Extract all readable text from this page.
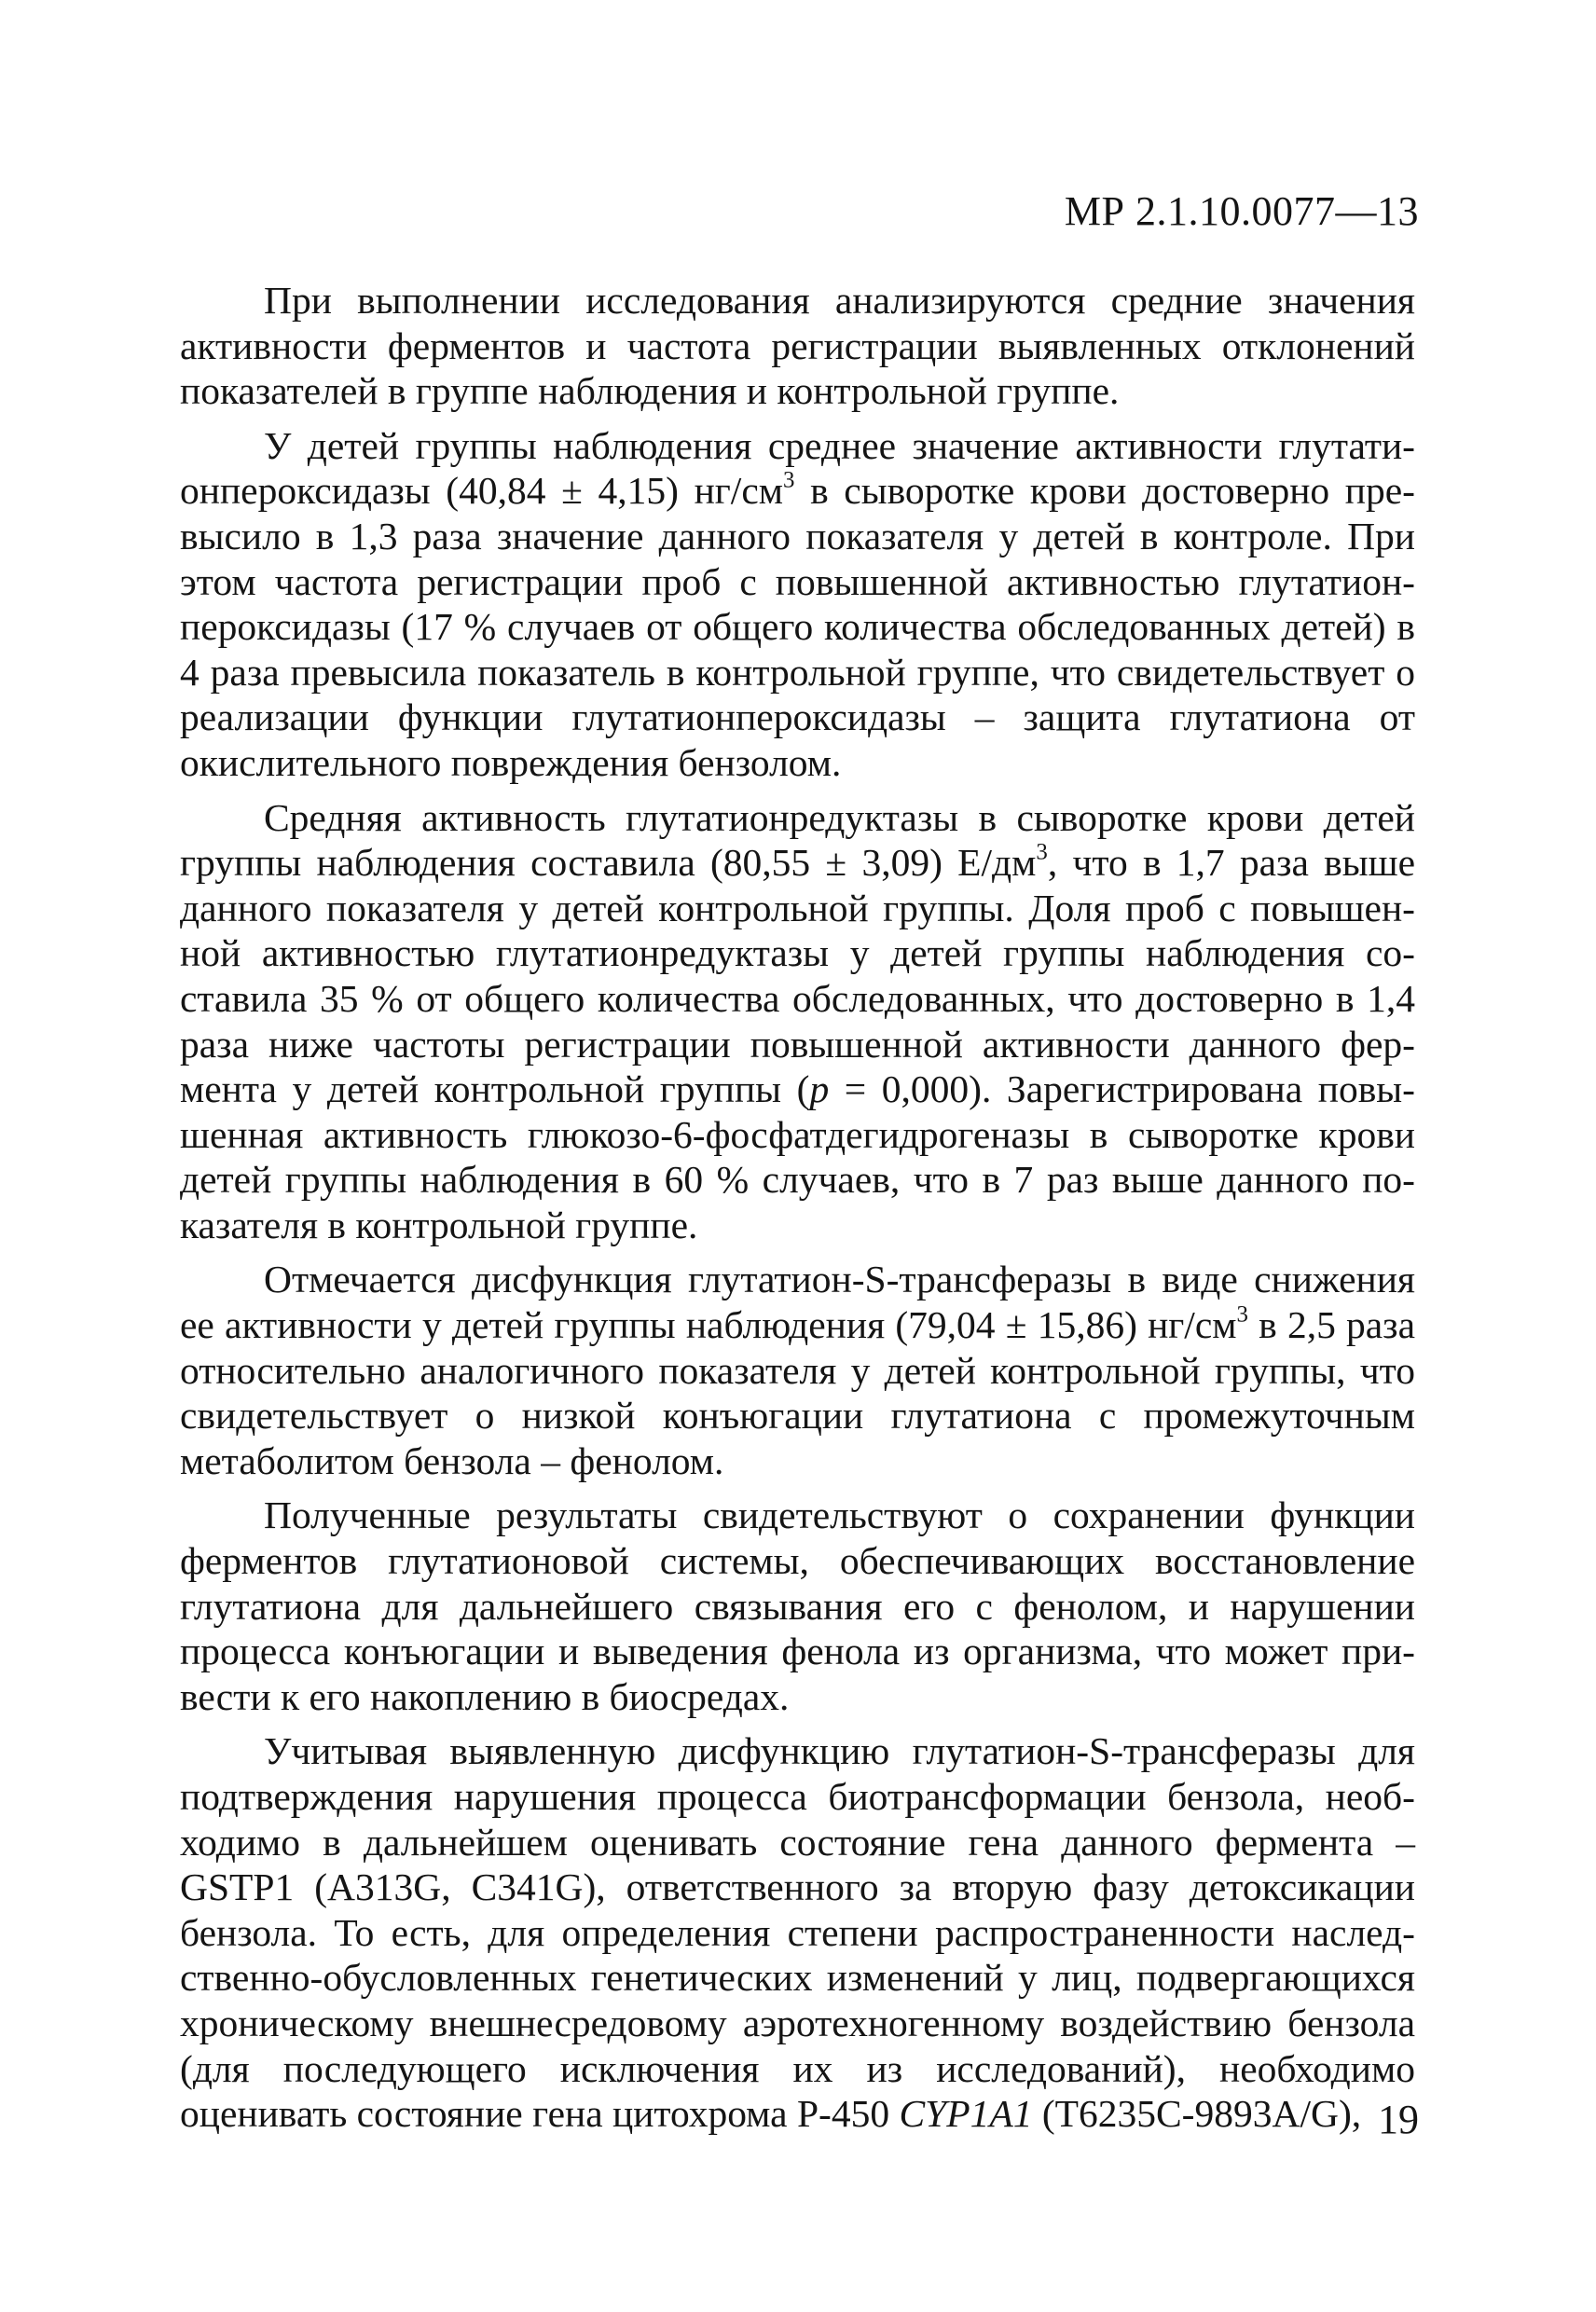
МР 2.1.10.0077—13

При выполнении исследования анализируются средние значения активности ферментов и частота регистрации выявленных отклонений показателей в группе наблюдения и контрольной группе.

У детей группы наблюдения среднее значение активности глутатионпероксидазы (40,84 ± 4,15) $нг/см^3$ в сыворотке крови достоверно превысило в 1,3 раза значение данного показателя у детей в контроле. При этом частота регистрации проб с повышенной активностью глутатионпероксидазы (17 % случаев от общего количества обследованных детей) в 4 раза превысила показатель в контрольной группе, что свидетельствует о реализации функции глутатионпероксидазы – защита глутатиона от окислительного повреждения бензолом.

Средняя активность глутатионредуктазы в сыворотке крови детей группы наблюдения составила (80,55 ± 3,09) $Е/дм^3$, что в 1,7 раза выше данного показателя у детей контрольной группы. Доля проб с повышенной активностью глутатионредуктазы у детей группы наблюдения составила 35 % от общего количества обследованных, что достоверно в 1,4 раза ниже частоты регистрации повышенной активности данного фермента у детей контрольной группы (p = 0,000). Зарегистрирована повышенная активность глюкозо-6-фосфатдегидрогеназы в сыворотке крови детей группы наблюдения в 60 % случаев, что в 7 раз выше данного показателя в контрольной группе.

Отмечается дисфункция глутатион-S-трансферазы в виде снижения ее активности у детей группы наблюдения (79,04 ± 15,86) $нг/см^3$ в 2,5 раза относительно аналогичного показателя у детей контрольной группы, что свидетельствует о низкой конъюгации глутатиона с промежуточным метаболитом бензола – фенолом.

Полученные результаты свидетельствуют о сохранении функции ферментов глутатионовой системы, обеспечивающих восстановление глутатиона для дальнейшего связывания его с фенолом, и нарушении процесса конъюгации и выведения фенола из организма, что может привести к его накоплению в биосредах.

Учитывая выявленную дисфункцию глутатион-S-трансферазы для подтверждения нарушения процесса биотрансформации бензола, необходимо в дальнейшем оценивать состояние гена данного фермента – GSTP1 (A313G, C341G), ответственного за вторую фазу детоксикации бензола. То есть, для определения степени распространенности наследственно-обусловленных генетических изменений у лиц, подвергающихся хроническому внешнесредовому аэротехногенному воздействию бензола (для последующего исключения их из исследований), необходимо оценивать состояние гена цитохрома Р-450 CYP1A1 (T6235C-9893A/G), 19
